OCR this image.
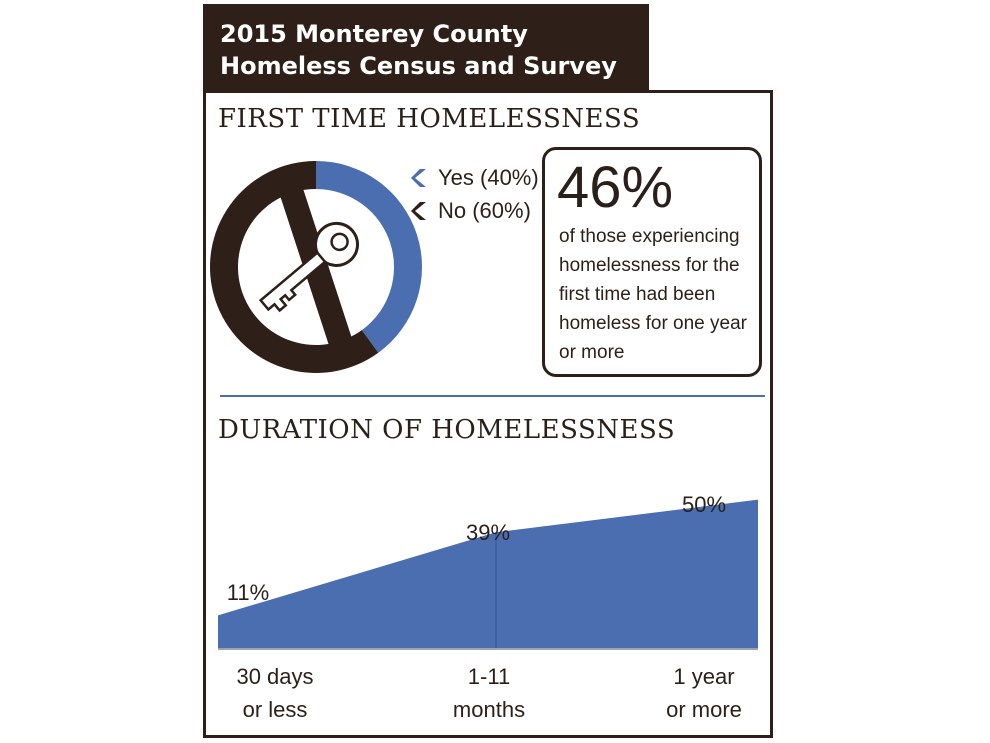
2015 Monterey County
Homeless Census and Survey
FIRST TIME HOMELESSNESS
Yes (40%)
No (60%) 46%
of those experiencing homelessness for the first time had been homeless for one year or more
DURATION OF HOMELESSNESS
11%
39%
50%
30 days
or less
1-11
months
1 year
or more
